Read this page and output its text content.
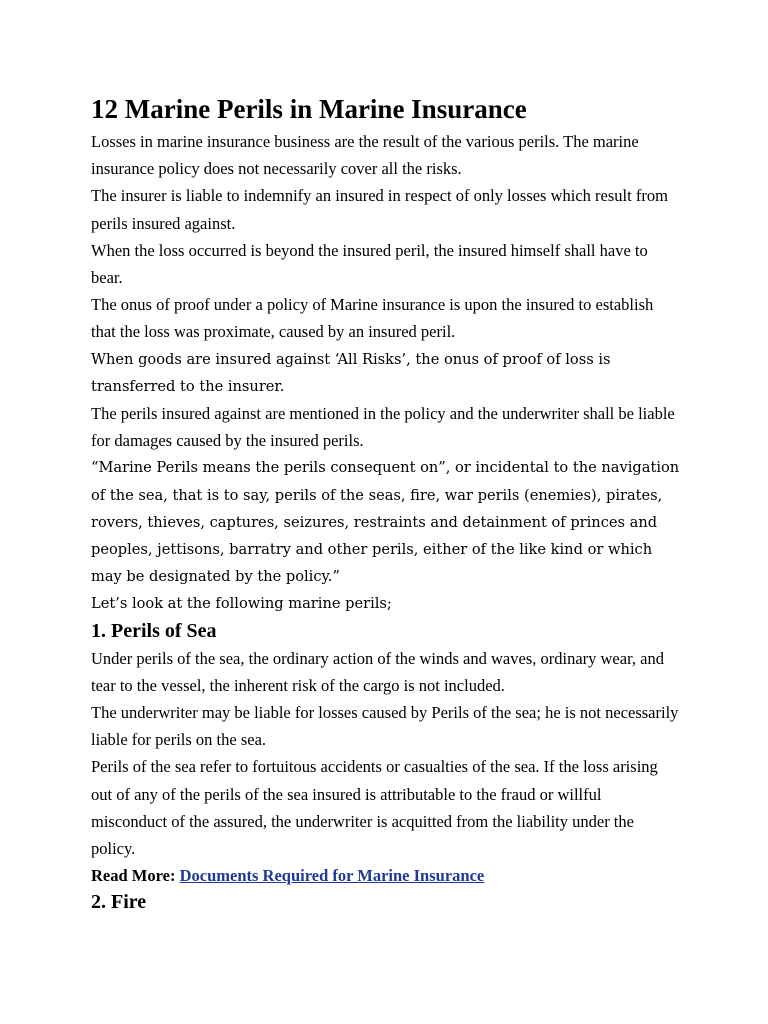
12 Marine Perils in Marine Insurance

Losses in marine insurance business are the result of the various perils. The marine insurance policy does not necessarily cover all the risks.

The insurer is liable to indemnify an insured in respect of only losses which result from perils insured against.

When the loss occurred is beyond the insured peril, the insured himself shall have to bear.

The onus of proof under a policy of Marine insurance is upon the insured to establish that the loss was proximate, caused by an insured peril.

When goods are insured against ‘All Risks’, the onus of proof of loss is transferred to the insurer.

The perils insured against are mentioned in the policy and the underwriter shall be liable for damages caused by the insured perils.

“Marine Perils means the perils consequent on”, or incidental to the navigation of the sea, that is to say, perils of the seas, fire, war perils (enemies), pirates, rovers, thieves, captures, seizures, restraints and detainment of princes and peoples, jettisons, barratry and other perils, either of the like kind or which may be designated by the policy.”

Let’s look at the following marine perils;

1. Perils of Sea

Under perils of the sea, the ordinary action of the winds and waves, ordinary wear, and tear to the vessel, the inherent risk of the cargo is not included.

The underwriter may be liable for losses caused by Perils of the sea; he is not necessarily liable for perils on the sea.

Perils of the sea refer to fortuitous accidents or casualties of the sea. If the loss arising out of any of the perils of the sea insured is attributable to the fraud or willful misconduct of the assured, the underwriter is acquitted from the liability under the policy.

Read More: Documents Required for Marine Insurance
2. Fire
